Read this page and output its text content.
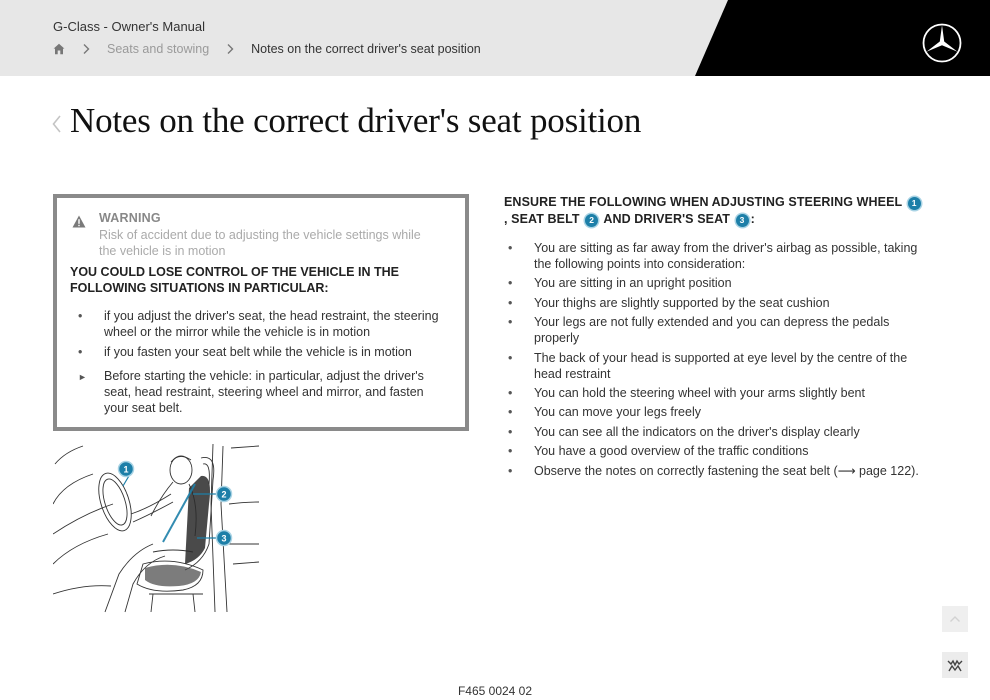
G-Class - Owner's Manual
Seats and stowing	Notes on the correct driver's seat position
Notes on the correct driver's seat position
WARNING
Risk of accident due to adjusting the vehicle settings while the vehicle is in motion
YOU COULD LOSE CONTROL OF THE VEHICLE IN THE FOLLOWING SITUATIONS IN PARTICULAR:
• if you adjust the driver's seat, the head restraint, the steering wheel or the mirror while the vehicle is in motion
• if you fasten your seat belt while the vehicle is in motion
► Before starting the vehicle: in particular, adjust the driver's seat, head restraint, steering wheel and mirror, and fasten your seat belt.
1
2
3
ENSURE THE FOLLOWING WHEN ADJUSTING STEERING WHEEL 1, SEAT BELT 2 AND DRIVER'S SEAT 3 :
• You are sitting as far away from the driver's airbag as possible, taking the following points into consideration:
• You are sitting in an upright position
• Your thighs are slightly supported by the seat cushion
• Your legs are not fully extended and you can depress the pedals properly
• The back of your head is supported at eye level by the centre of the head restraint
• You can hold the steering wheel with your arms slightly bent
• You can move your legs freely
• You can see all the indicators on the driver's display clearly
• You have a good overview of the traffic conditions
• Observe the notes on correctly fastening the seat belt (⟶ page 122).
F465 0024 02
